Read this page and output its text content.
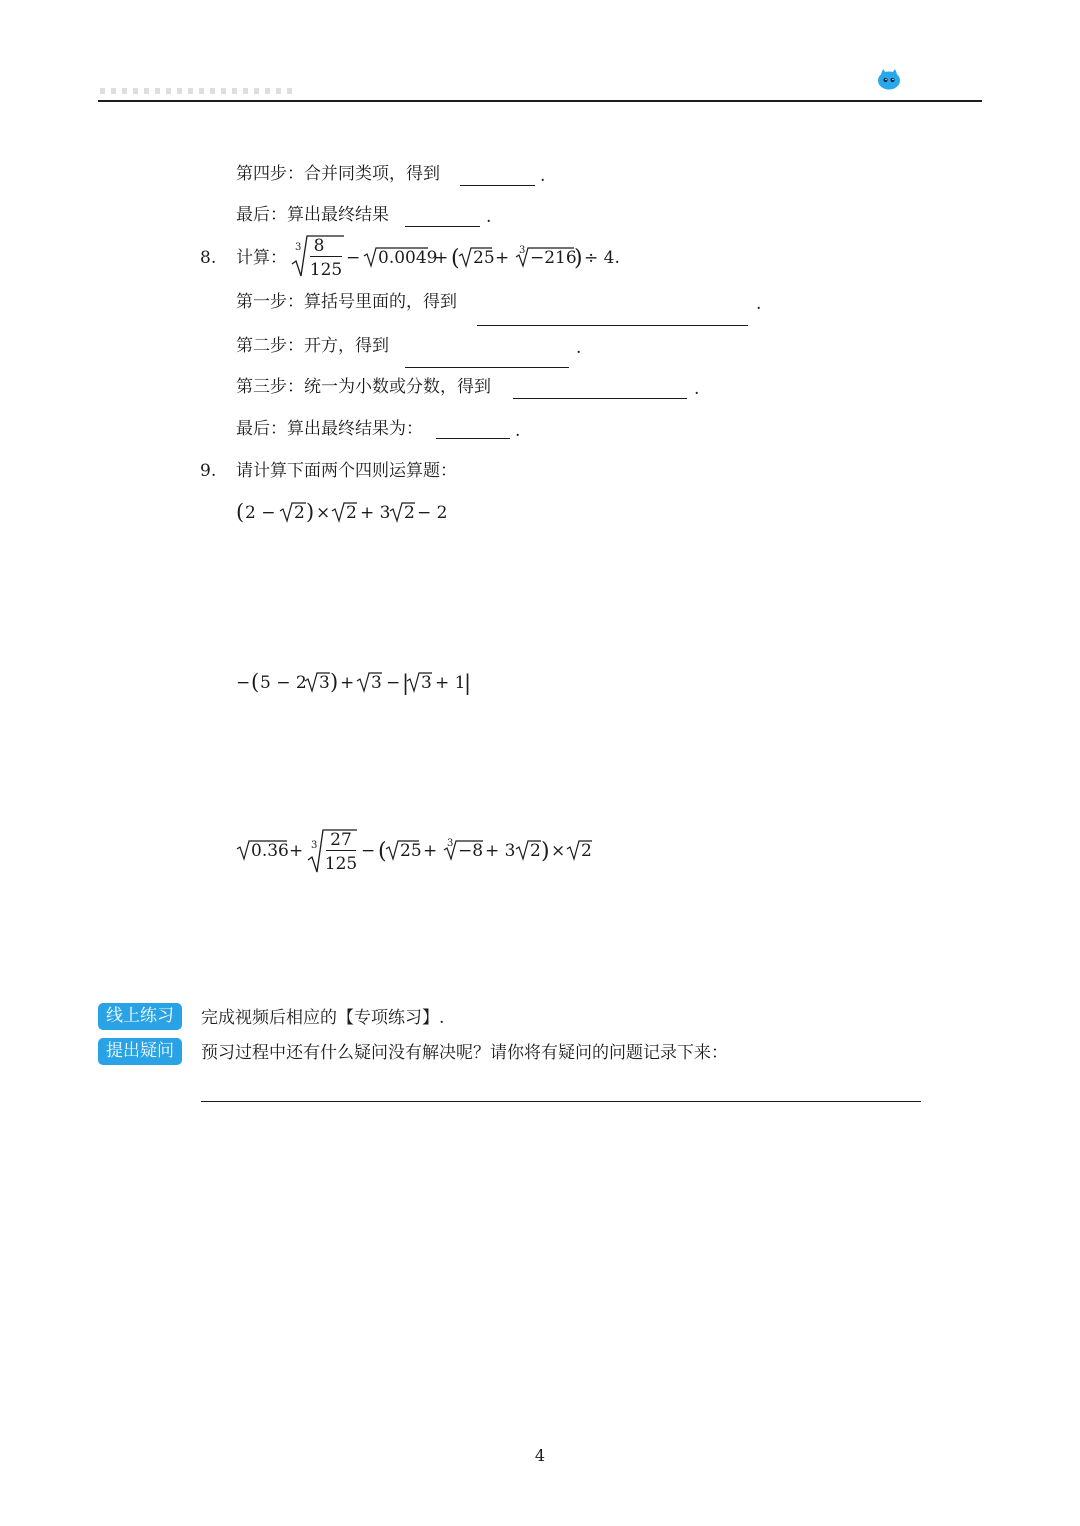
第四步：合并同类项，得到	.
最后：算出最终结果	.
8. 计算：
3 8
125
− 0.0049
+ ( 25 + 3 −216
) ÷ 4.
第一步：算括号里面的，得到	.
第二步：开方，得到	.
第三步：统一为小数或分数，得到	.
最后：算出最终结果为：	.
9. 请计算下面两个四则运算题：
( 2 − 2 ) × 2 + 3 2 − 2
− ( 5 − 2 3 ) + 3 − | 3 + 1
|
0.36 + 3 27
125
− ( 25 + 3 −8 + 3 2 ) × 2
线上练习	完成视频后相应的【专项练习】.
提出疑问	预习过程中还有什么疑问没有解决呢？请你将有疑问的问题记录下来：
4
